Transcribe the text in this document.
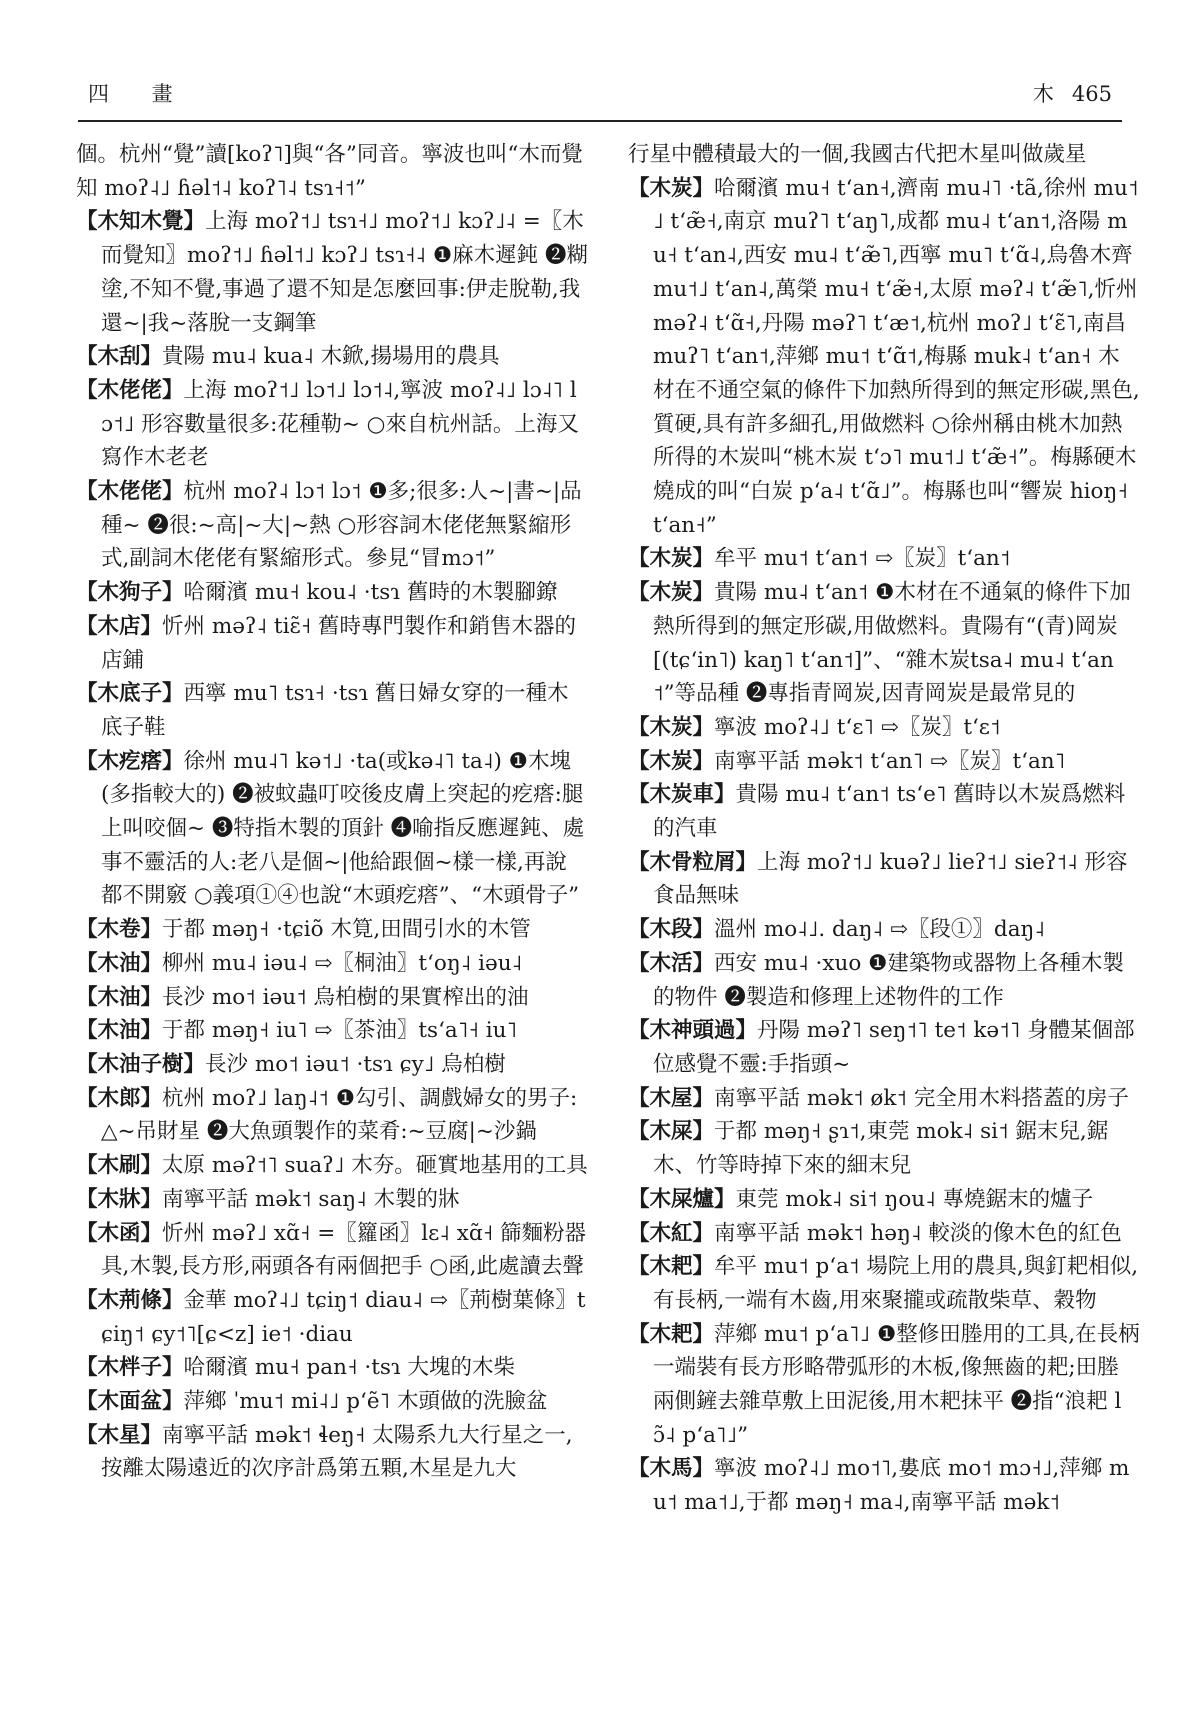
四 畫	木 465

個。杭州“覺”讀[koʔ˥]與“各”同音。寧波也叫“木而覺知 moʔ˨˩ ɦəl˦˨ koʔ˥˨ tsɿ˧˦”

【木知木覺】上海 moʔ˦˩ tsɿ˧˩ moʔ˦˩ kɔʔ˩˨ =〖木而覺知〗moʔ˦˩ ɦəl˦˩ kɔʔ˩ tsɿ˧˨ ❶麻木遲鈍 ❷糊塗,不知不覺,事過了還不知是怎麼回事:伊走脫勒,我還~|我~落脫一支鋼筆

【木刮】貴陽 mu˨ kua˨ 木鍁,揚場用的農具

【木佬佬】上海 moʔ˦˩ lɔ˦˩ lɔ˦˨,寧波 moʔ˨˩ lɔ˨˥ lɔ˦˩ 形容數量很多:花種勒~ ○來自杭州話。上海又寫作木老老

【木佬佬】杭州 moʔ˨ lɔ˦ lɔ˦ ❶多;很多:人~|書~|品種~ ❷很:~高|~大|~熱 ○形容詞木佬佬無緊縮形式,副詞木佬佬有緊縮形式。參見“冒mɔ˦”

【木狗子】哈爾濱 mu˧ kou˨ ·tsɿ 舊時的木製腳鐐

【木店】忻州 məʔ˨ tiɛ̃˧ 舊時專門製作和銷售木器的店鋪

【木底子】西寧 mu˥ tsɿ˧ ·tsɿ 舊日婦女穿的一種木底子鞋

【木疙瘩】徐州 mu˨˥ kə˦˩ ·ta(或kə˨˥ ta˨) ❶木塊(多指較大的) ❷被蚊蟲叮咬後皮膚上突起的疙瘩:腿上叫咬個~ ❸特指木製的頂針 ❹喻指反應遲鈍、處事不靈活的人:老八是個~|他給跟個~樣一樣,再說都不開竅 ○義項①④也說“木頭疙瘩”、“木頭骨子”

【木卷】于都 məŋ˧ ·tɕiõ 木筧,田間引水的木管

【木油】柳州 mu˨ iəu˨ ⇨〖桐油〗tʻoŋ˨ iəu˨

【木油】長沙 mo˦ iəu˦ 烏柏樹的果實榨出的油

【木油】于都 məŋ˧ iu˥ ⇨〖茶油〗tsʻa˥˧ iu˥

【木油子樹】長沙 mo˦ iəu˦ ·tsɿ ɕy˩ 烏柏樹

【木郎】杭州 moʔ˩ laŋ˨˦ ❶勾引、調戲婦女的男子:△~吊財星 ❷大魚頭製作的菜肴:~豆腐|~沙鍋

【木刷】太原 məʔ˦˥ suaʔ˩ 木夯。砸實地基用的工具

【木牀】南寧平話 mək˦ saŋ˨ 木製的牀

【木函】忻州 məʔ˩ xɑ̃˧ =〖籮函〗lɛ˨ xɑ̃˧ 篩麵粉器具,木製,長方形,兩頭各有兩個把手 ○函,此處讀去聲

【木荊條】金華 moʔ˨˩ tɕiŋ˦ diau˨ ⇨〖荊樹葉條〗tɕiŋ˦ ɕy˦˥[ɕ<z] ie˦ ·diau

【木柈子】哈爾濱 mu˧ pan˧ ·tsɿ 大塊的木柴

【木面盆】萍鄉 ˈmu˦ mi˨˩ pʻẽ˥ 木頭做的洗臉盆

【木星】南寧平話 mək˦ ɬeŋ˧ 太陽系九大行星之一,按離太陽遠近的次序計爲第五顆,木星是九大

行星中體積最大的一個,我國古代把木星叫做歲星

【木炭】哈爾濱 mu˧ tʻan˧,濟南 mu˨˥ ·tã,徐州 mu˦˩ tʻæ̃˧,南京 muʔ˥ tʻaŋ˥,成都 mu˨ tʻan˦,洛陽 mu˧ tʻan˨,西安 mu˨ tʻæ̃˥,西寧 mu˥ tʻɑ̃˨,烏魯木齊 mu˦˩ tʻan˨,萬榮 mu˧ tʻæ̃˧,太原 məʔ˨ tʻæ̃˥,忻州 məʔ˨ tʻɑ̃˧,丹陽 məʔ˥ tʻæ˦,杭州 moʔ˩ tʻɛ̃˥,南昌 muʔ˥ tʻan˦,萍鄉 mu˦ tʻɑ̃˦,梅縣 muk˨ tʻan˧ 木材在不通空氣的條件下加熱所得到的無定形碳,黑色,質硬,具有許多細孔,用做燃料 ○徐州稱由桃木加熱所得的木炭叫“桃木炭 tʻɔ˥ mu˦˩ tʻæ̃˧”。梅縣硬木燒成的叫“白炭 pʻa˨ tʻɑ̃˩”。梅縣也叫“響炭 hioŋ˧ tʻan˧”

【木炭】牟平 mu˦ tʻan˦ ⇨〖炭〗tʻan˦

【木炭】貴陽 mu˨ tʻan˦ ❶木材在不通氣的條件下加熱所得到的無定形碳,用做燃料。貴陽有“(青)岡炭[(tɕʻin˥) kaŋ˥ tʻan˦]”、“雜木炭tsa˨ mu˨ tʻan˦”等品種 ❷專指青岡炭,因青岡炭是最常見的

【木炭】寧波 moʔ˨˩ tʻɛ˥ ⇨〖炭〗tʻɛ˦

【木炭】南寧平話 mək˦ tʻan˥ ⇨〖炭〗tʻan˥

【木炭車】貴陽 mu˨ tʻan˦ tsʻe˥ 舊時以木炭爲燃料的汽車

【木骨粒屑】上海 moʔ˦˩ kuəʔ˩ lieʔ˦˩ sieʔ˦˨ 形容食品無味

【木段】溫州 mo˨˩. daŋ˨ ⇨〖段①〗daŋ˨

【木活】西安 mu˨ ·xuo ❶建築物或器物上各種木製的物件 ❷製造和修理上述物件的工作

【木神頭過】丹陽 məʔ˥ seŋ˦˥ te˦ kə˦˥ 身體某個部位感覺不靈:手指頭~

【木屋】南寧平話 mək˦ øk˦ 完全用木料搭蓋的房子

【木屎】于都 məŋ˧ ʂɿ˦,東莞 mok˨ si˦ 鋸末兒,鋸木、竹等時掉下來的細末兒

【木屎爐】東莞 mok˨ si˦ ŋou˨ 專燒鋸末的爐子

【木紅】南寧平話 mək˦ həŋ˨ 較淡的像木色的紅色

【木耙】牟平 mu˦ pʻa˦ 場院上用的農具,與釘耙相似,有長柄,一端有木齒,用來聚攏或疏散柴草、穀物

【木耙】萍鄉 mu˦ pʻa˥˩ ❶整修田塍用的工具,在長柄一端裝有長方形略帶弧形的木板,像無齒的耙;田塍兩側鏟去雜草敷上田泥後,用木耙抹平 ❷指“浪耙 lɔ̃˨ pʻa˥˩”

【木馬】寧波 moʔ˨˩ mo˦˥,婁底 mo˦ mɔ˧˩,萍鄉 mu˦ ma˦˩,于都 məŋ˧ ma˨,南寧平話 mək˦
